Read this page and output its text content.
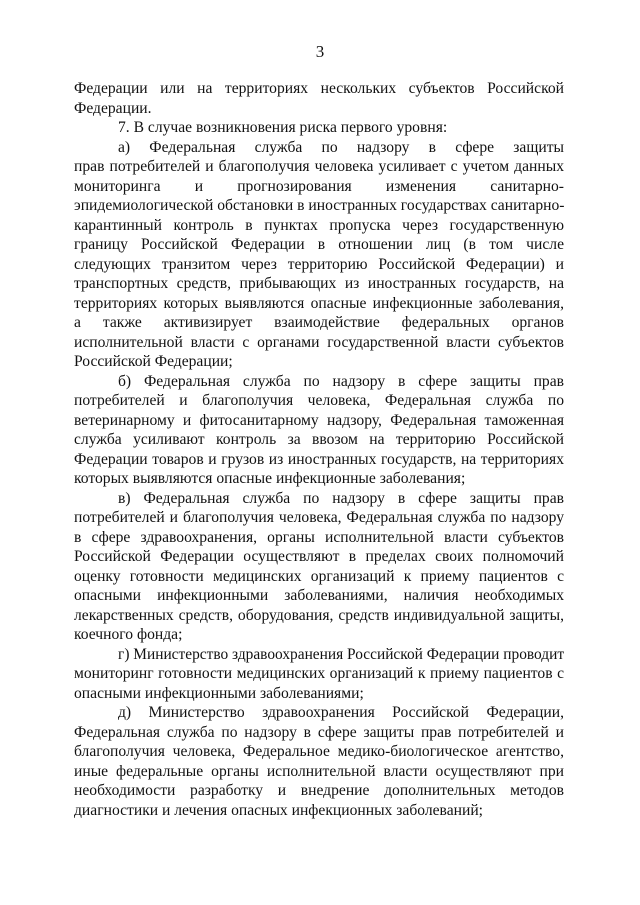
3
Федерации или на территориях нескольких субъектов Российской
Федерации.
7. В случае возникновения риска первого уровня:
а) Федеральная служба по надзору в сфере защиты
прав потребителей и благополучия человека усиливает с учетом данных
мониторинга и прогнозирования изменения санитарно-
эпидемиологической обстановки в иностранных государствах санитарно-
карантинный контроль в пунктах пропуска через государственную
границу Российской Федерации в отношении лиц (в том числе
следующих транзитом через территорию Российской Федерации) и
транспортных средств, прибывающих из иностранных государств, на
территориях которых выявляются опасные инфекционные заболевания,
а также активизирует взаимодействие федеральных органов
исполнительной власти с органами государственной власти субъектов
Российской Федерации;
б) Федеральная служба по надзору в сфере защиты прав
потребителей и благополучия человека, Федеральная служба по
ветеринарному и фитосанитарному надзору, Федеральная таможенная
служба усиливают контроль за ввозом на территорию Российской
Федерации товаров и грузов из иностранных государств, на территориях
которых выявляются опасные инфекционные заболевания;
в) Федеральная служба по надзору в сфере защиты прав
потребителей и благополучия человека, Федеральная служба по надзору
в сфере здравоохранения, органы исполнительной власти субъектов
Российской Федерации осуществляют в пределах своих полномочий
оценку готовности медицинских организаций к приему пациентов с
опасными инфекционными заболеваниями, наличия необходимых
лекарственных средств, оборудования, средств индивидуальной защиты,
коечного фонда;
г) Министерство здравоохранения Российской Федерации проводит
мониторинг готовности медицинских организаций к приему пациентов с
опасными инфекционными заболеваниями;
д) Министерство здравоохранения Российской Федерации,
Федеральная служба по надзору в сфере защиты прав потребителей и
благополучия человека, Федеральное медико-биологическое агентство,
иные федеральные органы исполнительной власти осуществляют при
необходимости разработку и внедрение дополнительных методов
диагностики и лечения опасных инфекционных заболеваний;
